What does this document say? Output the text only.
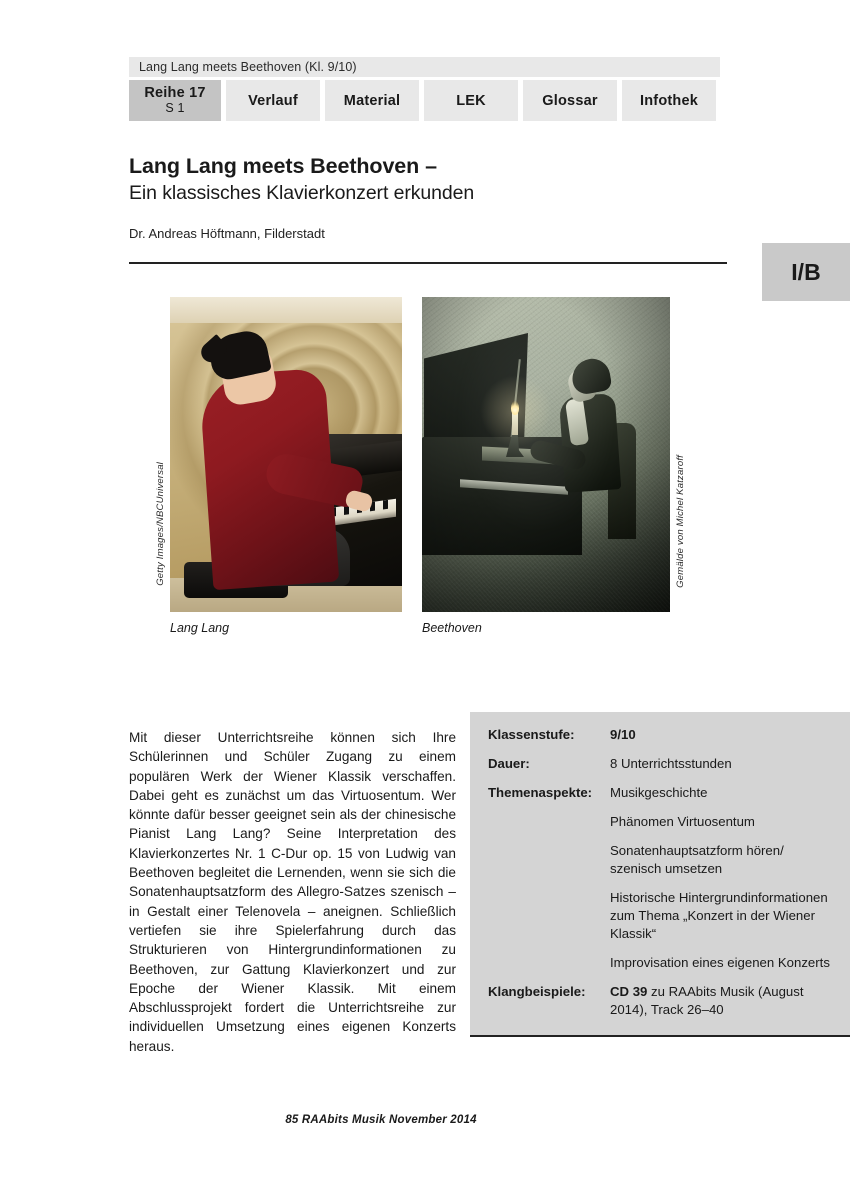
Lang Lang meets Beethoven (Kl. 9/10)
Reihe 17
S 1	Verlauf	Material	LEK	Glossar	Infothek
Lang Lang meets Beethoven –
Ein klassisches Klavierkonzert erkunden
Dr. Andreas Höftmann, Filderstadt
I/B
Getty Images/NBCUniversal
Lang Lang
Gemälde von Michel Katzaroff
Beethoven
Mit dieser Unterrichtsreihe können sich Ihre Schülerinnen und Schüler Zugang zu einem populären Werk der Wiener Klassik verschaffen. Dabei geht es zunächst um das Virtuosentum. Wer könnte dafür besser geeignet sein als der chinesische Pianist Lang Lang? Seine Interpretation des Klavierkonzertes Nr. 1 C-Dur op. 15 von Ludwig van Beethoven begleitet die Lernenden, wenn sie sich die Sonatenhauptsatzform des Allegro-Satzes szenisch – in Gestalt einer Telenovela – aneignen. Schließlich vertiefen sie ihre Spielerfahrung durch das Strukturieren von Hintergrundinformationen zu Beethoven, zur Gattung Klavierkonzert und zur Epoche der Wiener Klassik. Mit einem Abschlussprojekt fordert die Unterrichtsreihe zur individuellen Umsetzung eines eigenen Konzerts heraus.
Klassenstufe:	9/10
Dauer:	8 Unterrichtsstunden
Themenaspekte:	Musikgeschichte
Phänomen Virtuosentum
Sonatenhauptsatzform hören/ szenisch umsetzen
Historische Hintergrundinformationen zum Thema „Konzert in der Wiener Klassik“
Improvisation eines eigenen Konzerts
Klangbeispiele:	CD 39 zu RAAbits Musik (August 2014), Track 26–40
85 RAAbits Musik November 2014
